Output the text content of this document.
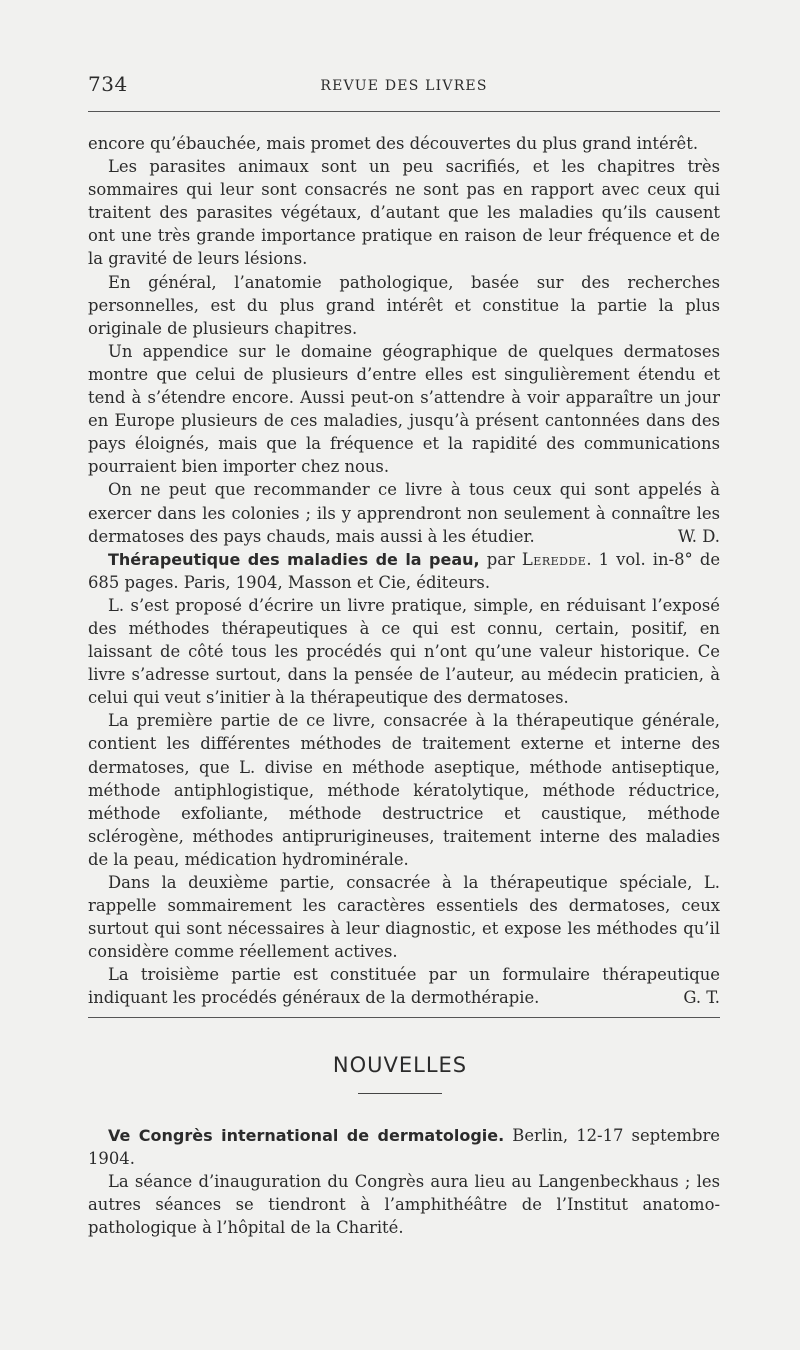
734	REVUE DES LIVRES

encore qu’ébauchée, mais promet des découvertes du plus grand intérêt.

Les parasites animaux sont un peu sacrifiés, et les chapitres très sommaires qui leur sont consacrés ne sont pas en rapport avec ceux qui traitent des parasites végétaux, d’autant que les maladies qu’ils causent ont une très grande importance pratique en raison de leur fréquence et de la gravité de leurs lésions.

En général, l’anatomie pathologique, basée sur des recherches personnelles, est du plus grand intérêt et constitue la partie la plus originale de plusieurs chapitres.

Un appendice sur le domaine géographique de quelques dermatoses montre que celui de plusieurs d’entre elles est singulièrement étendu et tend à s’étendre encore. Aussi peut-on s’attendre à voir apparaître un jour en Europe plusieurs de ces maladies, jusqu’à présent cantonnées dans des pays éloignés, mais que la fréquence et la rapidité des communications pourraient bien importer chez nous.

On ne peut que recommander ce livre à tous ceux qui sont appelés à exercer dans les colonies ; ils y apprendront non seulement à connaître les dermatoses des pays chauds, mais aussi à les étudier.	W. D.

Thérapeutique des maladies de la peau, par Leredde. 1 vol. in-8° de 685 pages. Paris, 1904, Masson et Cie, éditeurs.

L. s’est proposé d’écrire un livre pratique, simple, en réduisant l’exposé des méthodes thérapeutiques à ce qui est connu, certain, positif, en laissant de côté tous les procédés qui n’ont qu’une valeur historique. Ce livre s’adresse surtout, dans la pensée de l’auteur, au médecin praticien, à celui qui veut s’initier à la thérapeutique des dermatoses.

La première partie de ce livre, consacrée à la thérapeutique générale, contient les différentes méthodes de traitement externe et interne des dermatoses, que L. divise en méthode aseptique, méthode antiseptique, méthode antiphlogistique, méthode kératolytique, méthode réductrice, méthode exfoliante, méthode destructrice et caustique, méthode sclérogène, méthodes antiprurigineuses, traitement interne des maladies de la peau, médication hydrominérale.

Dans la deuxième partie, consacrée à la thérapeutique spéciale, L. rappelle sommairement les caractères essentiels des dermatoses, ceux surtout qui sont nécessaires à leur diagnostic, et expose les méthodes qu’il considère comme réellement actives.

La troisième partie est constituée par un formulaire thérapeutique indiquant les procédés généraux de la dermothérapie.	G. T.

NOUVELLES

Ve Congrès international de dermatologie. Berlin, 12-17 septembre 1904.

La séance d’inauguration du Congrès aura lieu au Langenbeckhaus ; les autres séances se tiendront à l’amphithéâtre de l’Institut anatomo-pathologique à l’hôpital de la Charité.
